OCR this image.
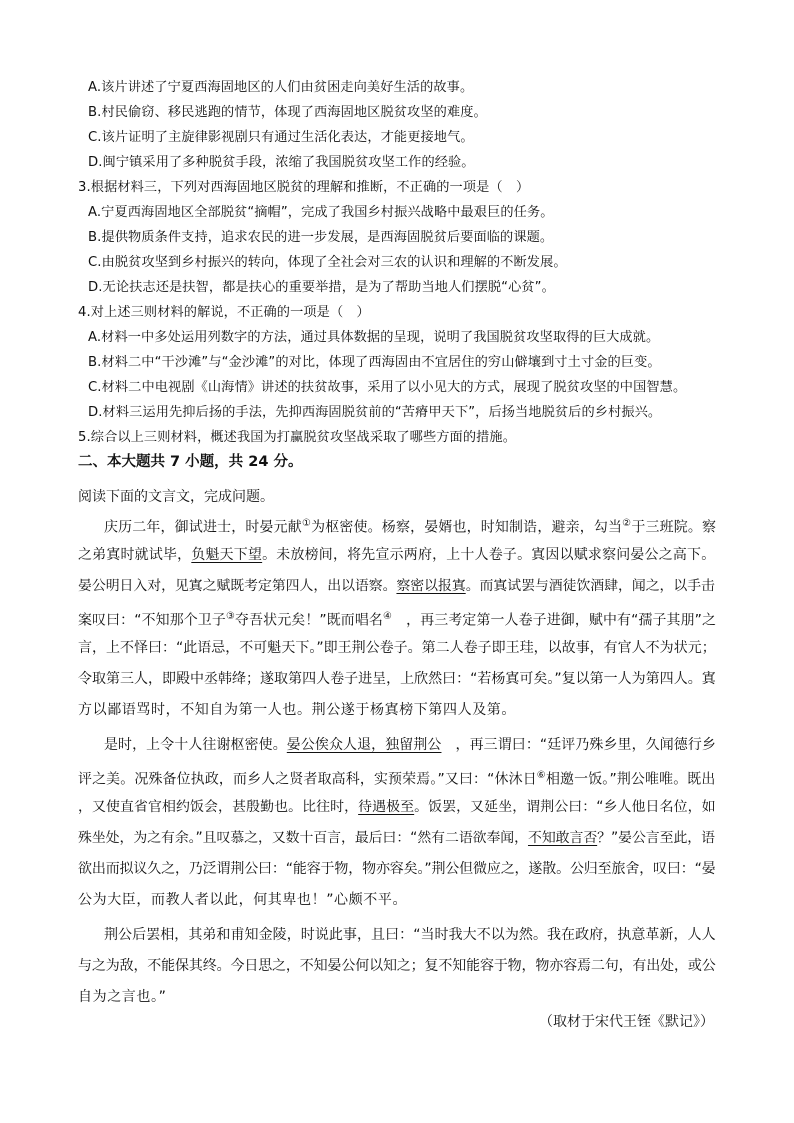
A.该片讲述了宁夏西海固地区的人们由贫困走向美好生活的故事。
B.村民偷窃、移民逃跑的情节，体现了西海固地区脱贫攻坚的难度。
C.该片证明了主旋律影视剧只有通过生活化表达，才能更接地气。
D.闽宁镇采用了多种脱贫手段，浓缩了我国脱贫攻坚工作的经验。
3.根据材料三，下列对西海固地区脱贫的理解和推断，不正确的一项是（　）
A.宁夏西海固地区全部脱贫“摘帽”，完成了我国乡村振兴战略中最艰巨的任务。
B.提供物质条件支持，追求农民的进一步发展，是西海固脱贫后要面临的课题。
C.由脱贫攻坚到乡村振兴的转向，体现了全社会对三农的认识和理解的不断发展。
D.无论扶志还是扶智，都是扶心的重要举措，是为了帮助当地人们摆脱“心贫”。
4.对上述三则材料的解说，不正确的一项是（　）
A.材料一中多处运用列数字的方法，通过具体数据的呈现，说明了我国脱贫攻坚取得的巨大成就。
B.材料二中“干沙滩”与“金沙滩”的对比，体现了西海固由不宜居住的穷山僻壤到寸土寸金的巨变。
C.材料二中电视剧《山海情》讲述的扶贫故事，采用了以小见大的方式，展现了脱贫攻坚的中国智慧。
D.材料三运用先抑后扬的手法，先抑西海固脱贫前的“苦瘠甲天下”，后扬当地脱贫后的乡村振兴。
5.综合以上三则材料，概述我国为打赢脱贫攻坚战采取了哪些方面的措施。
二、本大题共 7 小题，共 24 分。
阅读下面的文言文，完成问题。
庆历二年，御试进士，时晏元献①为枢密使。杨察，晏婿也，时知制诰，避亲，勾当②于三班院。察
之弟寘时就试毕，负魁天下望。未放榜间，将先宣示两府，上十人卷子。寘因以赋求察问晏公之高下。
晏公明日入对，见寘之赋既考定第四人，出以语察。察密以报寘。而寘试罢与酒徒饮酒肆，闻之，以手击
案叹曰：“不知那个卫子③夺吾状元矣！”既而唱名④　，再三考定第一人卷子进御，赋中有“孺子其朋”之
言，上不怿曰：“此语忌，不可魁天下。”即王荆公卷子。第二人卷子即王珪，以故事，有官人不为状元；
令取第三人，即殿中丞韩绛；遂取第四人卷子进呈，上欣然曰：“若杨寘可矣。”复以第一人为第四人。寘
方以鄙语骂时，不知自为第一人也。荆公遂于杨寘榜下第四人及第。
是时，上令十人往谢枢密使。晏公俟众人退，独留荆公　，再三谓曰：“廷评乃殊乡里，久闻德行乡
评之美。况殊备位执政，而乡人之贤者取高科，实预荣焉。”又曰：“休沐日⑥相邀一饭。”荆公唯唯。既出
，又使直省官相约饭会，甚殷勤也。比往时，待遇极至。饭罢，又延坐，谓荆公曰：“乡人他日名位，如
殊坐处，为之有余。”且叹慕之，又数十百言，最后曰：“然有二语欲奉闻，不知敢言否？”晏公言至此，语
欲出而拟议久之，乃泛谓荆公曰：“能容于物，物亦容矣。”荆公但微应之，遂散。公归至旅舍，叹曰：“晏
公为大臣，而教人者以此，何其卑也！”心颇不平。
荆公后罢相，其弟和甫知金陵，时说此事，且曰：“当时我大不以为然。我在政府，执意革新，人人
与之为敌，不能保其终。今日思之，不知晏公何以知之；复不知能容于物，物亦容焉二句，有出处，或公
自为之言也。”
（取材于宋代王铚《默记》）
